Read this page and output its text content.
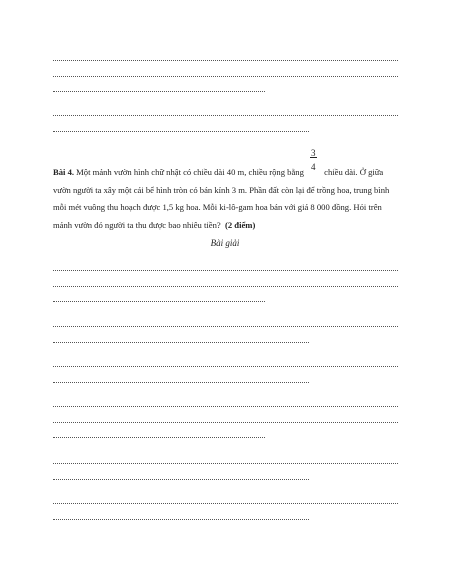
Bài 4. Một mảnh vườn hình chữ nhật có chiều dài 40 m, chiều rộng bằng $\frac{3}{4}$ chiều dài. Ở giữa vườn người ta xây một cái bể hình tròn có bán kính 3 m. Phần đất còn lại để trồng hoa, trung bình mỗi mét vuông thu hoạch được 1,5 kg hoa. Mỗi ki-lô-gam hoa bán với giá 8 000 đồng. Hỏi trên mảnh vườn đó người ta thu được bao nhiêu tiền? (2 điểm)

Bài giải
